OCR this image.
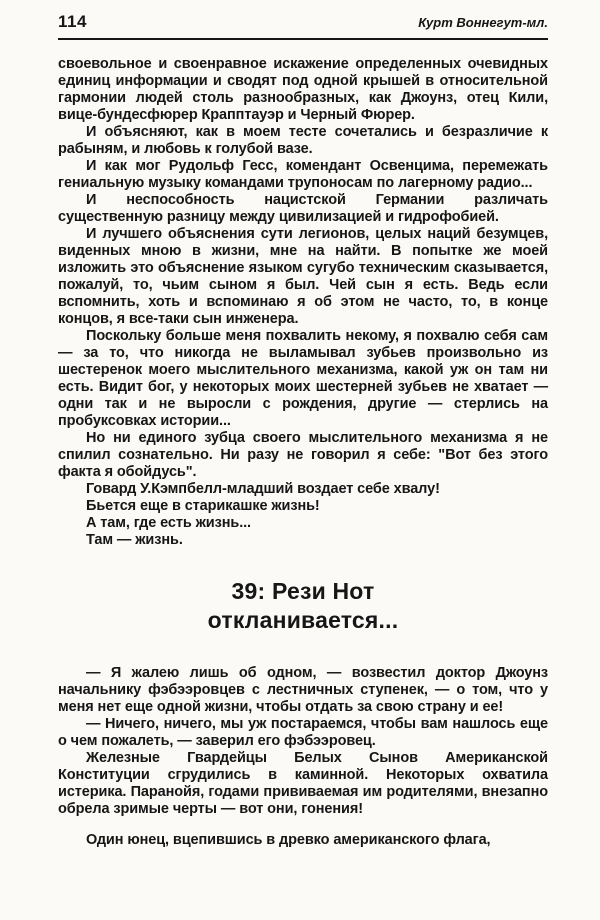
114	Курт Воннегут-мл.

своевольное и своенравное искажение определенных очевидных единиц информации и сводят под одной крышей в относительной гармонии людей столь разнообразных, как Джоунз, отец Кили, вице-бундесфюрер Крапптауэр и Черный Фюрер.

И объясняют, как в моем тесте сочетались и безразличие к рабыням, и любовь к голубой вазе.

И как мог Рудольф Гесс, комендант Освенцима, перемежать гениальную музыку командами трупоносам по лагерному радио...

И неспособность нацистской Германии различать существенную разницу между цивилизацией и гидрофобией.

И лучшего объяснения сути легионов, целых наций безумцев, виденных мною в жизни, мне на найти. В попытке же моей изложить это объяснение языком сугубо техническим сказывается, пожалуй, то, чьим сыном я был. Чей сын я есть. Ведь если вспомнить, хоть и вспоминаю я об этом не часто, то, в конце концов, я все-таки сын инженера.

Поскольку больше меня похвалить некому, я похвалю себя сам — за то, что никогда не выламывал зубьев произвольно из шестеренок моего мыслительного механизма, какой уж он там ни есть. Видит бог, у некоторых моих шестерней зубьев не хватает — одни так и не выросли с рождения, другие — стерлись на пробуксовках истории...

Но ни единого зубца своего мыслительного механизма я не спилил сознательно. Ни разу не говорил я себе: "Вот без этого факта я обойдусь".

Говард У.Кэмпбелл-младший воздает себе хвалу!

Бьется еще в старикашке жизнь!

А там, где есть жизнь...

Там — жизнь.

39: Рези Нот
откланивается...

— Я жалею лишь об одном, — возвестил доктор Джоунз начальнику фэбээровцев с лестничных ступенек, — о том, что у меня нет еще одной жизни, чтобы отдать за свою страну и ее!

— Ничего, ничего, мы уж постараемся, чтобы вам нашлось еще о чем пожалеть, — заверил его фэбээровец.

Железные Гвардейцы Белых Сынов Американской Конституции сгрудились в каминной. Некоторых охватила истерика. Паранойя, годами прививаемая им родителями, внезапно обрела зримые черты — вот они, гонения!

Один юнец, вцепившись в древко американского флага,
